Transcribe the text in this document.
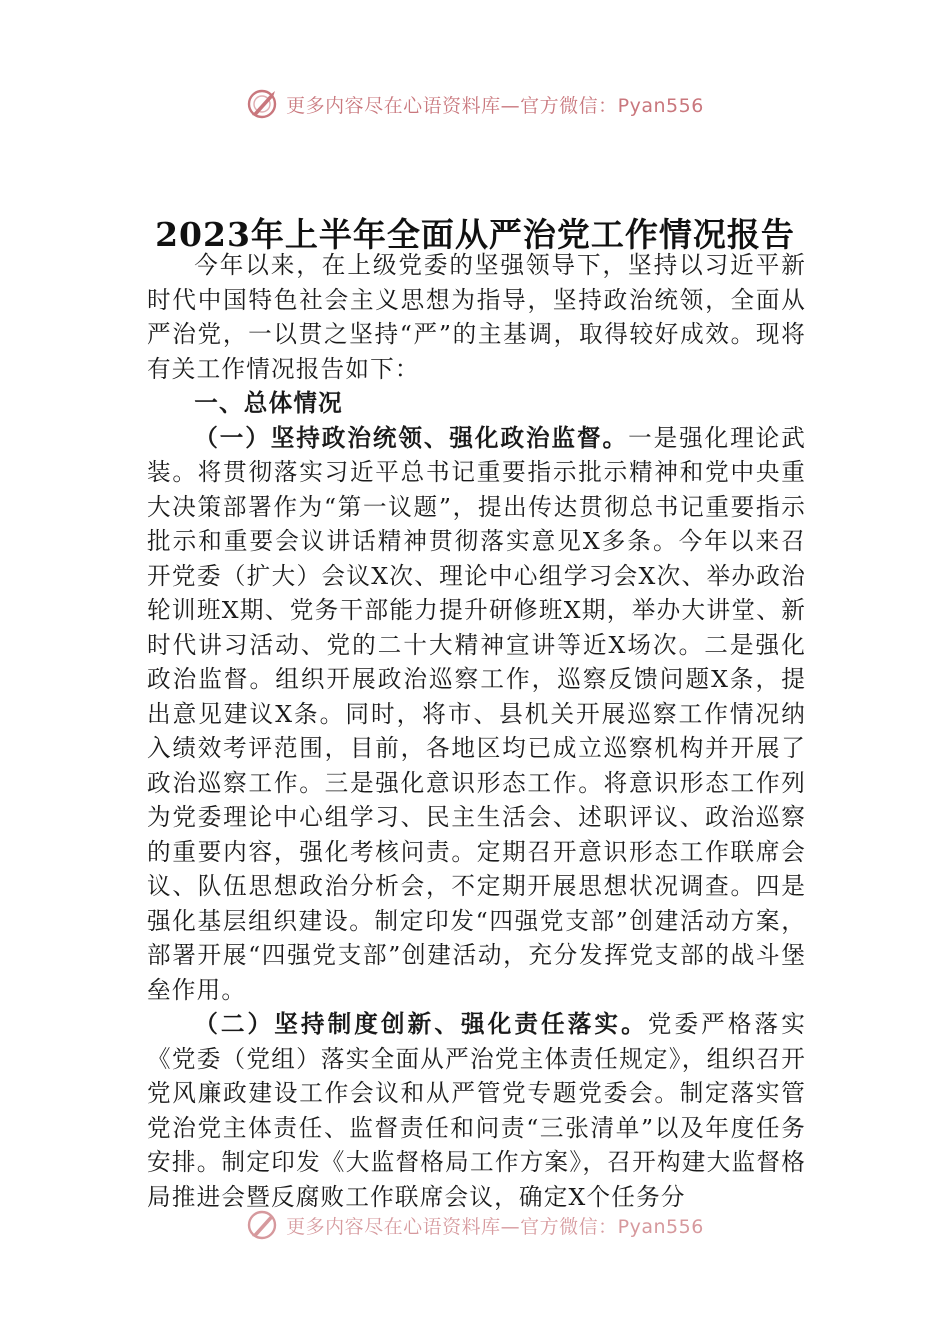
更多内容尽在心语资料库—官方微信：Pyan556
2023年上半年全面从严治党工作情况报告

今年以来，在上级党委的坚强领导下，坚持以习近平新时代中国特色社会主义思想为指导，坚持政治统领，全面从严治党，一以贯之坚持“严”的主基调，取得较好成效。现将有关工作情况报告如下：

一、总体情况

（一）坚持政治统领、强化政治监督。一是强化理论武装。将贯彻落实习近平总书记重要指示批示精神和党中央重大决策部署作为“第一议题”，提出传达贯彻总书记重要指示批示和重要会议讲话精神贯彻落实意见X多条。今年以来召开党委（扩大）会议X次、理论中心组学习会X次、举办政治轮训班X期、党务干部能力提升研修班X期，举办大讲堂、新时代讲习活动、党的二十大精神宣讲等近X场次。二是强化政治监督。组织开展政治巡察工作，巡察反馈问题X条，提出意见建议X条。同时，将市、县机关开展巡察工作情况纳入绩效考评范围，目前，各地区均已成立巡察机构并开展了政治巡察工作。三是强化意识形态工作。将意识形态工作列为党委理论中心组学习、民主生活会、述职评议、政治巡察的重要内容，强化考核问责。定期召开意识形态工作联席会议、队伍思想政治分析会，不定期开展思想状况调查。四是强化基层组织建设。制定印发“四强党支部”创建活动方案，部署开展“四强党支部”创建活动，充分发挥党支部的战斗堡垒作用。

（二）坚持制度创新、强化责任落实。党委严格落实《党委（党组）落实全面从严治党主体责任规定》，组织召开党风廉政建设工作会议和从严管党专题党委会。制定落实管党治党主体责任、监督责任和问责“三张清单”以及年度任务安排。制定印发《大监督格局工作方案》，召开构建大监督格局推进会暨反腐败工作联席会议，确定X个任务分

更多内容尽在心语资料库—官方微信：Pyan556
